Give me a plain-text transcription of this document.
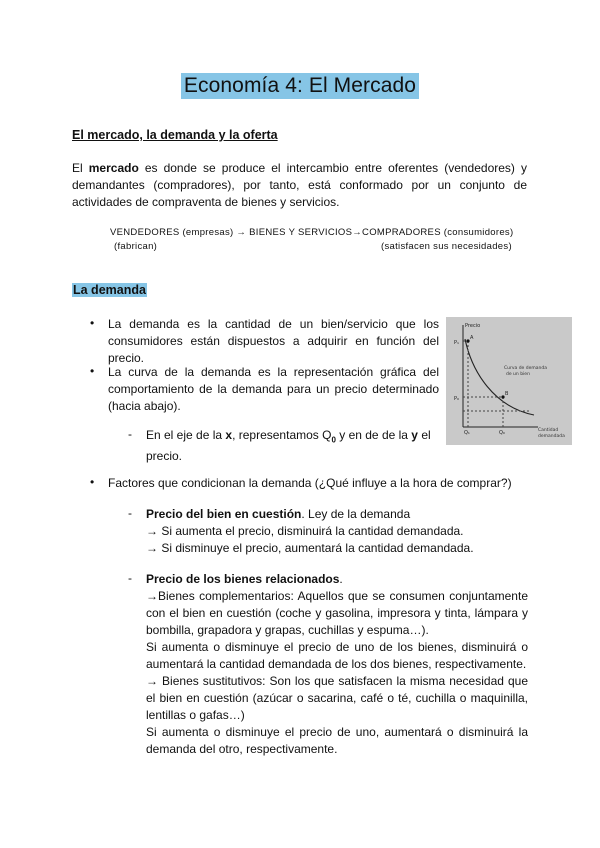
Economía 4: El Mercado
El mercado, la demanda y la oferta
El mercado es donde se produce el intercambio entre oferentes (vendedores) y demandantes (compradores), por tanto, está conformado por un conjunto de actividades de compraventa de bienes y servicios.
VENDEDORES (empresas) → BIENES Y SERVICIOS→COMPRADORES (consumidores)
(fabrican)	(satisfacen sus necesidades)
La demanda
• La demanda es la cantidad de un bien/servicio que los consumidores están dispuestos a adquirir en función del precio.
• La curva de la demanda es la representación gráfica del comportamiento de la demanda para un precio determinado (hacia abajo).
- En el eje de la x, representamos $Q_0$ y en de de la y el precio.
Precio
P₁
P₀
A
B
Curva de demanda
de un bien
Q₁	Q₀	Cantidad
demandada
• Factores que condicionan la demanda (¿Qué influye a la hora de comprar?)
- Precio del bien en cuestión. Ley de la demanda
→ Si aumenta el precio, disminuirá la cantidad demandada.
→ Si disminuye el precio, aumentará la cantidad demandada.
- Precio de los bienes relacionados.
→Bienes complementarios: Aquellos que se consumen conjuntamente con el bien en cuestión (coche y gasolina, impresora y tinta, lámpara y bombilla, grapadora y grapas, cuchillas y espuma…).
Si aumenta o disminuye el precio de uno de los bienes, disminuirá o aumentará la cantidad demandada de los dos bienes, respectivamente.
→ Bienes sustitutivos: Son los que satisfacen la misma necesidad que el bien en cuestión (azúcar o sacarina, café o té, cuchilla o maquinilla, lentillas o gafas…)
Si aumenta o disminuye el precio de uno, aumentará o disminuirá la demanda del otro, respectivamente.
